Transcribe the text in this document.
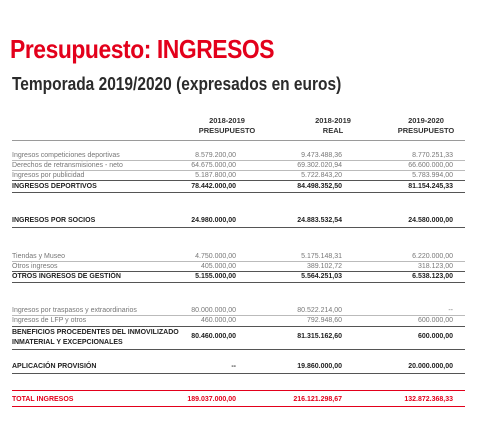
Presupuesto: INGRESOS
Temporada 2019/2020 (expresados en euros)
2018-2019
PRESUPUESTO
2018-2019
REAL
2019-2020
PRESUPUESTO
Ingresos competiciones deportivas	8.579.200,00	9.473.488,36	8.770.251,33
Derechos de retransmisiones - neto	64.675.000,00	69.302.020,94	66.600.000,00
Ingresos por publicidad	5.187.800,00	5.722.843,20	5.783.994,00
INGRESOS DEPORTIVOS	78.442.000,00	84.498.352,50	81.154.245,33
INGRESOS POR SOCIOS	24.980.000,00	24.883.532,54	24.580.000,00
Tiendas y Museo	4.750.000,00	5.175.148,31	6.220.000,00
Otros ingresos	405.000,00	389.102,72	318.123,00
OTROS INGRESOS DE GESTIÓN	5.155.000,00	5.564.251,03	6.538.123,00
Ingresos por traspasos y extraordinarios	80.000.000,00	80.522.214,00	--
Ingresos de LFP y otros	460.000,00	792.948,60	600.000,00
BENEFICIOS PROCEDENTES DEL INMOVILIZADO
INMATERIAL Y EXCEPCIONALES
80.460.000,00	81.315.162,60	600.000,00
APLICACIÓN PROVISIÓN	--	19.860.000,00	20.000.000,00
TOTAL INGRESOS	189.037.000,00	216.121.298,67	132.872.368,33
